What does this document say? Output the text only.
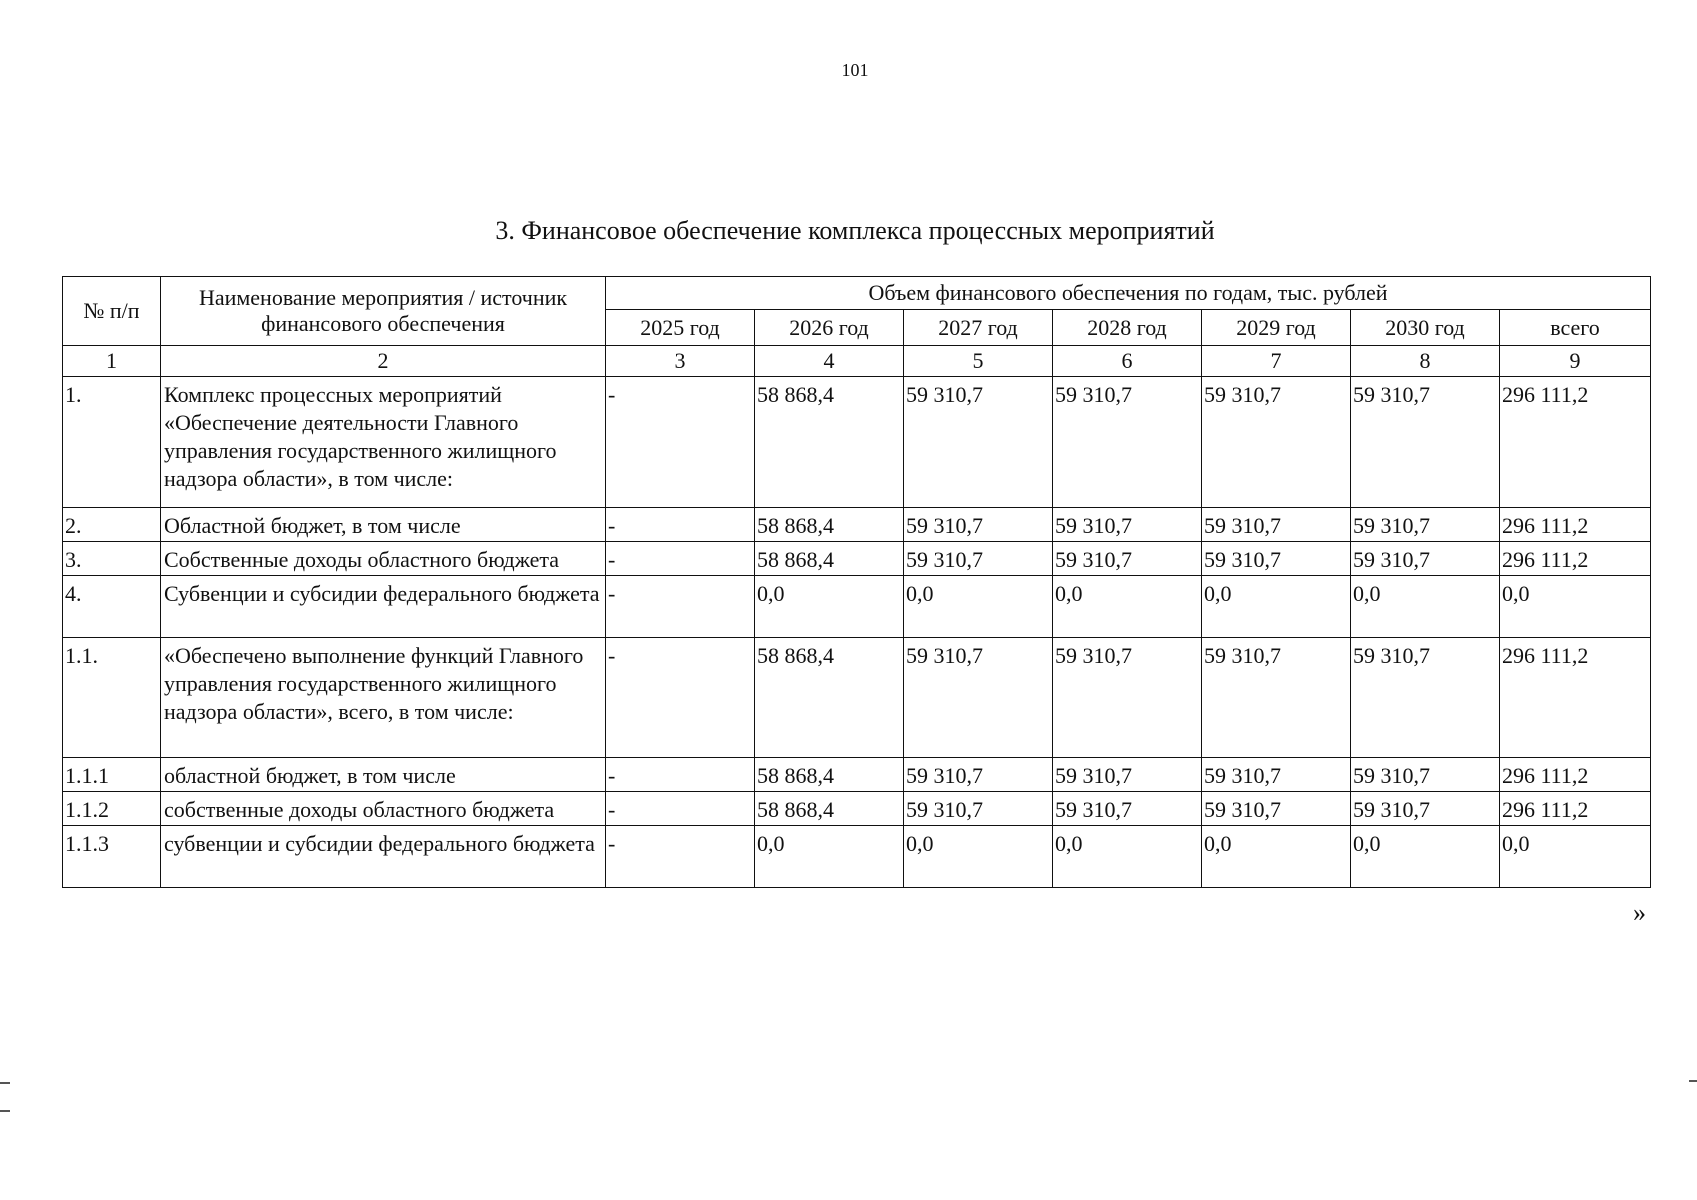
101
3. Финансовое обеспечение комплекса процессных мероприятий
№ п/п	Наименование мероприятия / источник финансового обеспечения	Объем финансового обеспечения по годам, тыс. рублей						
		2025 год	2026 год	2027 год	2028 год	2029 год	2030 год	всего
1	2	3	4	5	6	7	8	9
1.	Комплекс процессных мероприятий «Обеспечение деятельности Главного управления государственного жилищного надзора области», в том числе:	-	58 868,4	59 310,7	59 310,7	59 310,7	59 310,7	296 111,2
2.	Областной бюджет, в том числе	-	58 868,4	59 310,7	59 310,7	59 310,7	59 310,7	296 111,2
3.	Собственные доходы областного бюджета	-	58 868,4	59 310,7	59 310,7	59 310,7	59 310,7	296 111,2
4.	Субвенции и субсидии федерального бюджета	-	0,0	0,0	0,0	0,0	0,0	0,0
1.1.	«Обеспечено выполнение функций Главного управления государственного жилищного надзора области», всего, в том числе:	-	58 868,4	59 310,7	59 310,7	59 310,7	59 310,7	296 111,2
1.1.1	областной бюджет, в том числе	-	58 868,4	59 310,7	59 310,7	59 310,7	59 310,7	296 111,2
1.1.2	собственные доходы областного бюджета	-	58 868,4	59 310,7	59 310,7	59 310,7	59 310,7	296 111,2
1.1.3	субвенции и субсидии федерального бюджета	-	0,0	0,0	0,0	0,0	0,0	0,0
»
